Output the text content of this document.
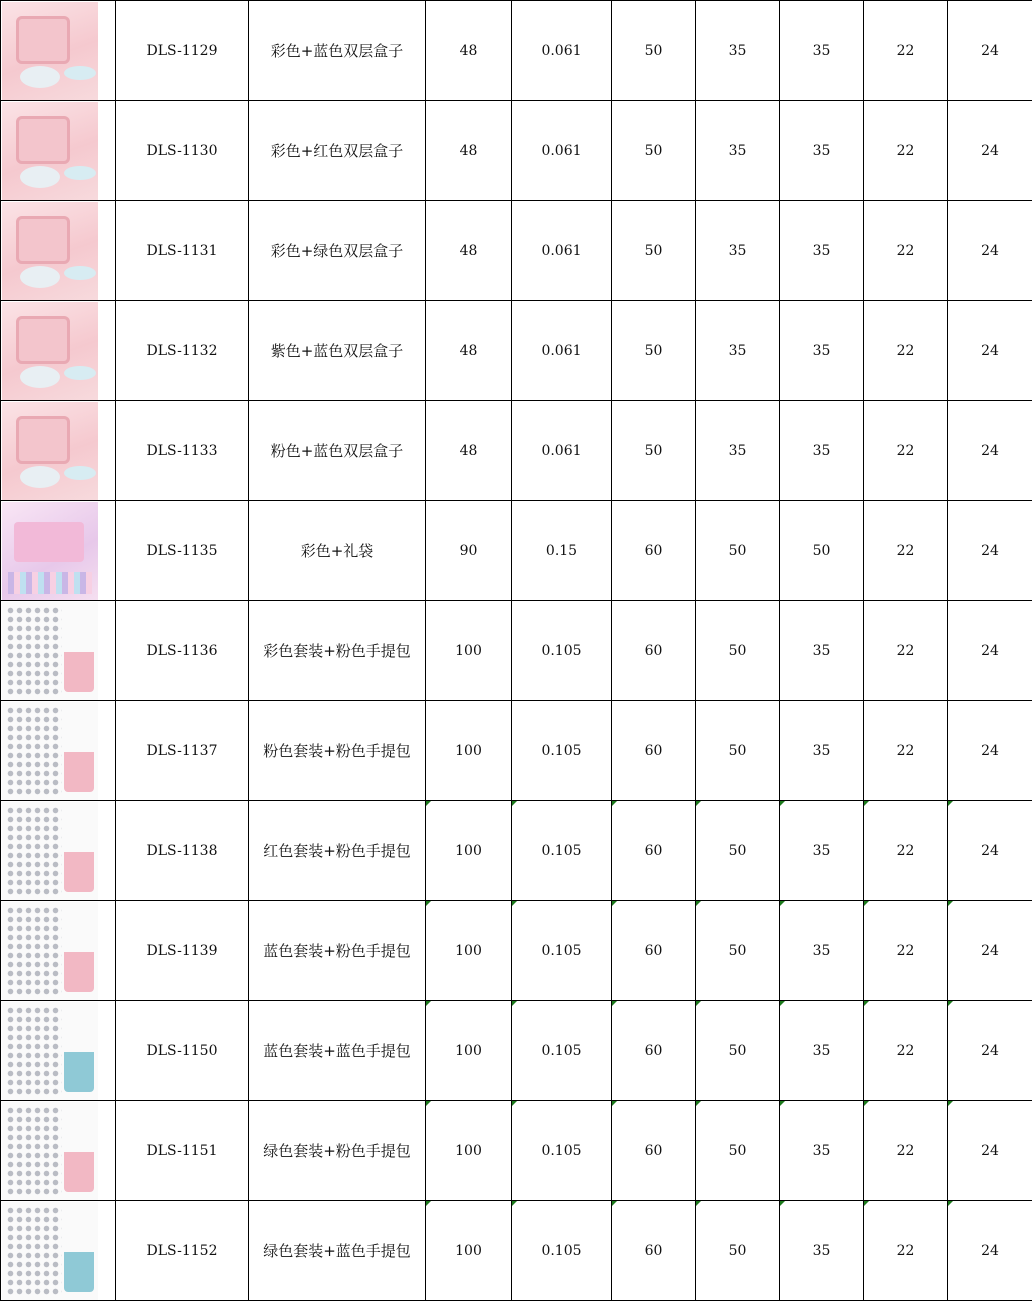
	DLS-1129	彩色+蓝色双层盒子	48	0.061	50	35	35	22	24

	DLS-1130	彩色+红色双层盒子	48	0.061	50	35	35	22	24

	DLS-1131	彩色+绿色双层盒子	48	0.061	50	35	35	22	24

	DLS-1132	紫色+蓝色双层盒子	48	0.061	50	35	35	22	24

	DLS-1133	粉色+蓝色双层盒子	48	0.061	50	35	35	22	24

	DLS-1135	彩色+礼袋	90	0.15	60	50	50	22	24

	DLS-1136	彩色套装+粉色手提包	100	0.105	60	50	35	22	24

	DLS-1137	粉色套装+粉色手提包	100	0.105	60	50	35	22	24

	DLS-1138	红色套装+粉色手提包	100	0.105	60	50	35	22	24

	DLS-1139	蓝色套装+粉色手提包	100	0.105	60	50	35	22	24

	DLS-1150	蓝色套装+蓝色手提包	100	0.105	60	50	35	22	24

	DLS-1151	绿色套装+粉色手提包	100	0.105	60	50	35	22	24

	DLS-1152	绿色套装+蓝色手提包	100	0.105	60	50	35	22	24
